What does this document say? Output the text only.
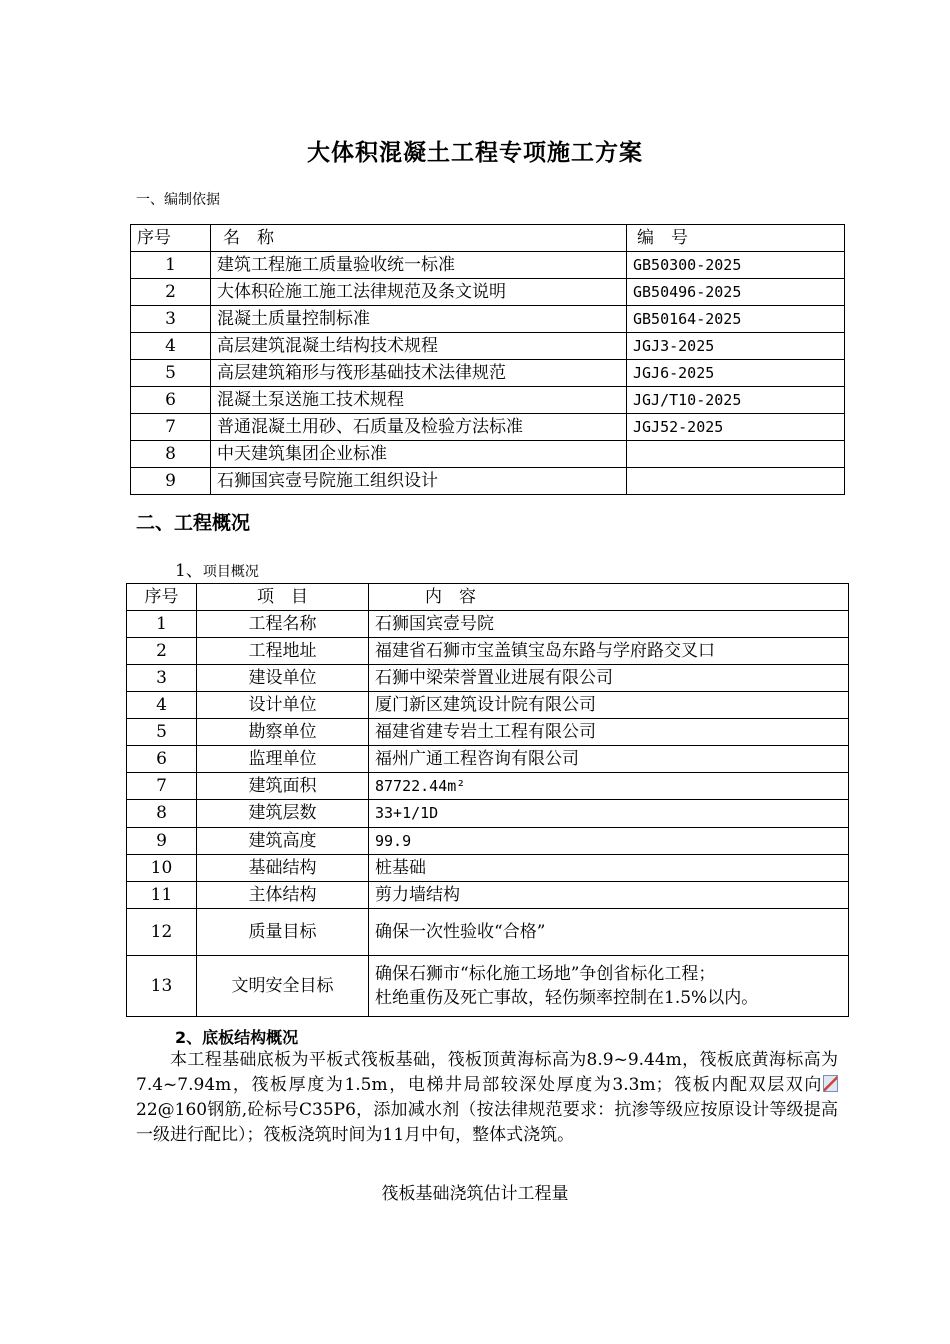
大体积混凝土工程专项施工方案
一、编制依据
序号	名　称	编　号
1	建筑工程施工质量验收统一标准	GB50300-2025
2	大体积砼施工施工法律规范及条文说明	GB50496-2025
3	混凝土质量控制标准	GB50164-2025
4	高层建筑混凝土结构技术规程	JGJ3-2025
5	高层建筑箱形与筏形基础技术法律规范	JGJ6-2025
6	混凝土泵送施工技术规程	JGJ/T10-2025
7	普通混凝土用砂、石质量及检验方法标准	JGJ52-2025
8	中天建筑集团企业标准	
9	石狮国宾壹号院施工组织设计	
二、工程概况
1、项目概况
序号	项　目	内　容
1	工程名称	石狮国宾壹号院
2	工程地址	福建省石狮市宝盖镇宝岛东路与学府路交叉口
3	建设单位	石狮中梁荣誉置业进展有限公司
4	设计单位	厦门新区建筑设计院有限公司
5	勘察单位	福建省建专岩土工程有限公司
6	监理单位	福州广通工程咨询有限公司
7	建筑面积	87722.44m²
8	建筑层数	33+1/1D
9	建筑高度	99.9
10	基础结构	桩基础
11	主体结构	剪力墙结构
12	质量目标	确保一次性验收“合格”
13	文明安全目标	确保石狮市“标化施工场地”争创省标化工程；
杜绝重伤及死亡事故，轻伤频率控制在1.5%以内。
2、底板结构概况
本工程基础底板为平板式筏板基础，筏板顶黄海标高为8.9~9.44m，筏板底黄海标高为7.4~7.94m，筏板厚度为1.5m，电梯井局部较深处厚度为3.3m；筏板内配双层双向22@160钢筋,砼标号C35P6，添加减水剂（按法律规范要求：抗渗等级应按原设计等级提高一级进行配比）；筏板浇筑时间为11月中旬，整体式浇筑。
筏板基础浇筑估计工程量
